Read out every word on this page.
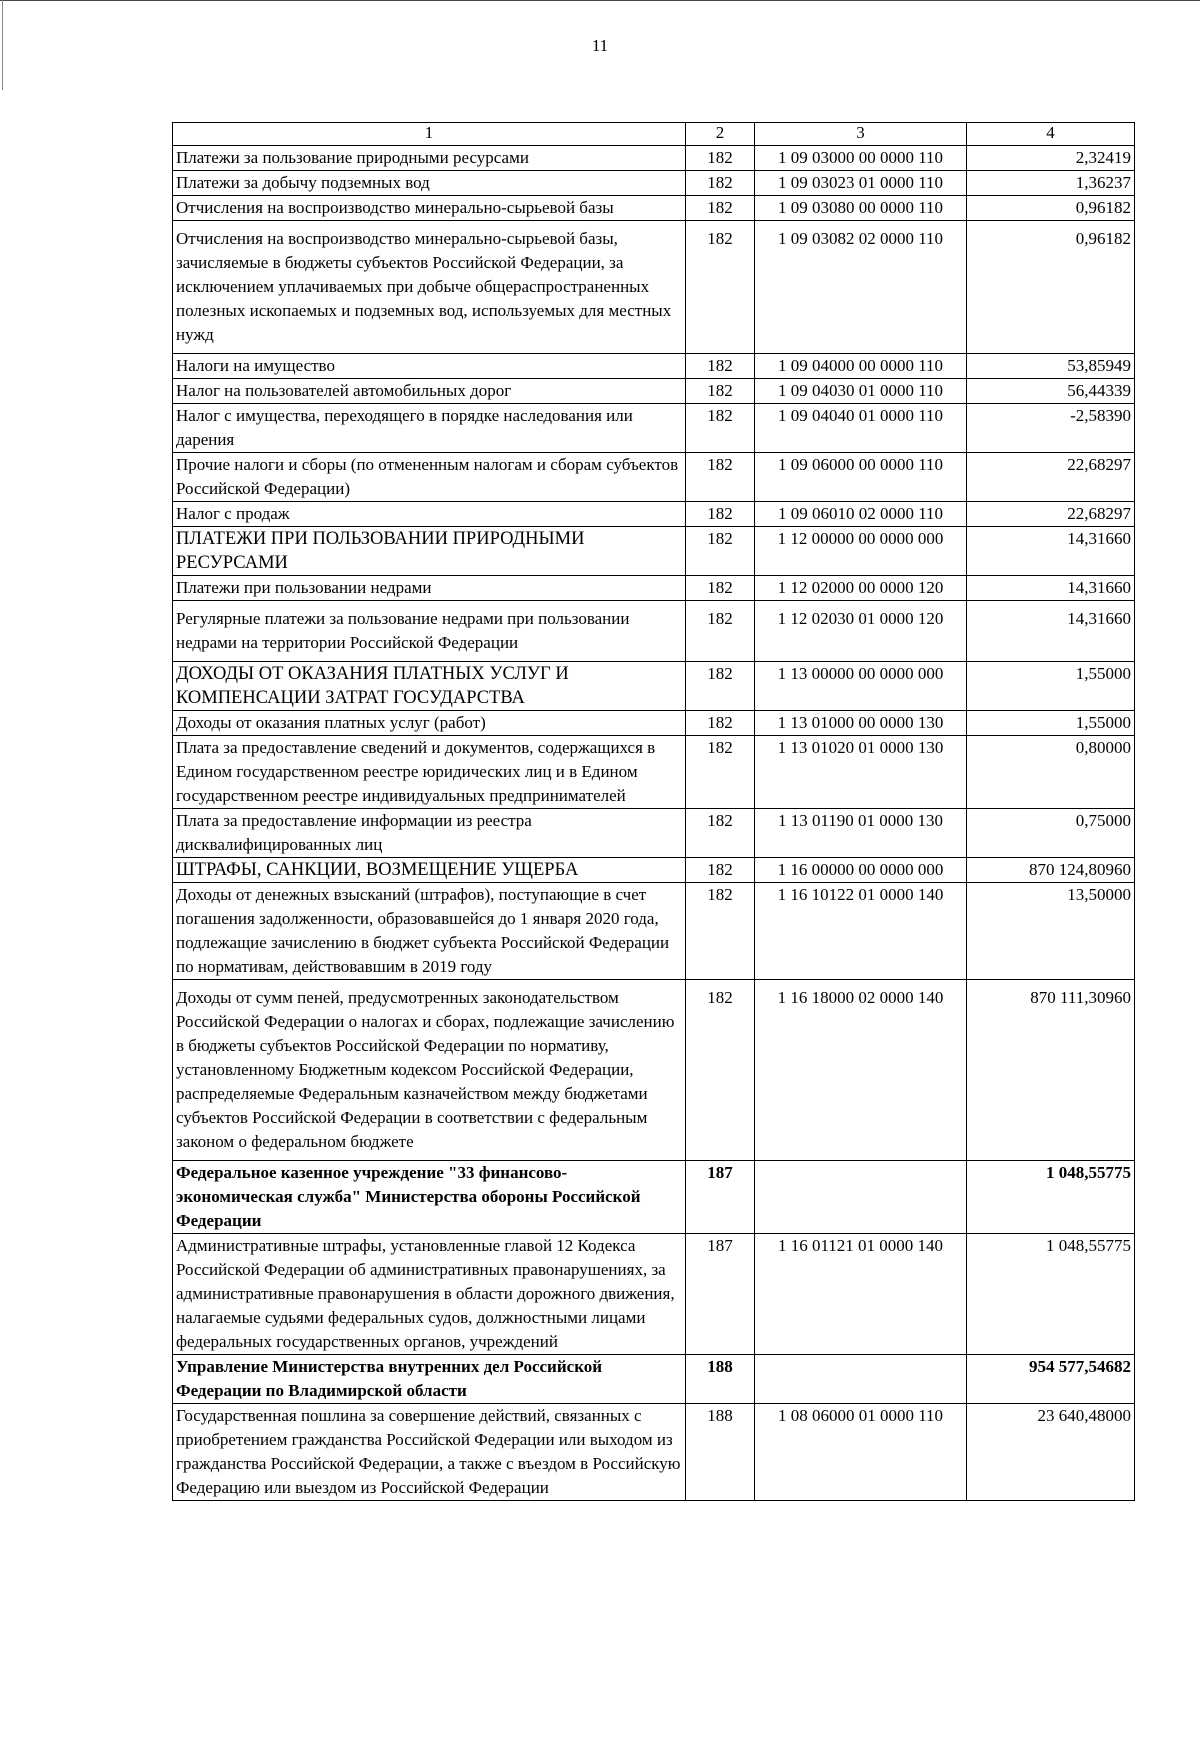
11
1	2	3	4
Платежи за пользование природными ресурсами	182	1 09 03000 00 0000 110	2,32419
Платежи за добычу подземных вод	182	1 09 03023 01 0000 110	1,36237
Отчисления на воспроизводство минерально-сырьевой базы	182	1 09 03080 00 0000 110	0,96182
Отчисления на воспроизводство минерально-сырьевой базы, зачисляемые в бюджеты субъектов Российской Федерации, за исключением уплачиваемых при добыче общераспространенных полезных ископаемых и подземных вод, используемых для местных нужд	182	1 09 03082 02 0000 110	0,96182
Налоги на имущество	182	1 09 04000 00 0000 110	53,85949
Налог на пользователей автомобильных дорог	182	1 09 04030 01 0000 110	56,44339
Налог с имущества, переходящего в порядке наследования или дарения	182	1 09 04040 01 0000 110	-2,58390
Прочие налоги и сборы (по отмененным налогам и сборам субъектов Российской Федерации)	182	1 09 06000 00 0000 110	22,68297
Налог с продаж	182	1 09 06010 02 0000 110	22,68297
ПЛАТЕЖИ ПРИ ПОЛЬЗОВАНИИ ПРИРОДНЫМИ РЕСУРСАМИ	182	1 12 00000 00 0000 000	14,31660
Платежи при пользовании недрами	182	1 12 02000 00 0000 120	14,31660
Регулярные платежи за пользование недрами при пользовании недрами на территории Российской Федерации	182	1 12 02030 01 0000 120	14,31660
ДОХОДЫ ОТ ОКАЗАНИЯ ПЛАТНЫХ УСЛУГ И КОМПЕНСАЦИИ ЗАТРАТ ГОСУДАРСТВА	182	1 13 00000 00 0000 000	1,55000
Доходы от оказания платных услуг (работ)	182	1 13 01000 00 0000 130	1,55000
Плата за предоставление сведений и документов, содержащихся в Едином государственном реестре юридических лиц и в Едином государственном реестре индивидуальных предпринимателей	182	1 13 01020 01 0000 130	0,80000
Плата за предоставление информации из реестра дисквалифицированных лиц	182	1 13 01190 01 0000 130	0,75000
ШТРАФЫ, САНКЦИИ, ВОЗМЕЩЕНИЕ УЩЕРБА	182	1 16 00000 00 0000 000	870 124,80960
Доходы от денежных взысканий (штрафов), поступающие в счет погашения задолженности, образовавшейся до 1 января 2020 года, подлежащие зачислению в бюджет субъекта Российской Федерации по нормативам, действовавшим в 2019 году	182	1 16 10122 01 0000 140	13,50000
Доходы от сумм пеней, предусмотренных законодательством Российской Федерации о налогах и сборах, подлежащие зачислению в бюджеты субъектов Российской Федерации по нормативу, установленному Бюджетным кодексом Российской Федерации, распределяемые Федеральным казначейством между бюджетами субъектов Российской Федерации в соответствии с федеральным законом о федеральном бюджете	182	1 16 18000 02 0000 140	870 111,30960
Федеральное казенное учреждение "33 финансово-экономическая служба" Министерства обороны Российской Федерации	187		1 048,55775
Административные штрафы, установленные главой 12 Кодекса Российской Федерации об административных правонарушениях, за административные правонарушения в области дорожного движения, налагаемые судьями федеральных судов, должностными лицами федеральных государственных органов, учреждений	187	1 16 01121 01 0000 140	1 048,55775
Управление Министерства внутренних дел Российской Федерации по Владимирской области	188		954 577,54682
Государственная пошлина за совершение действий, связанных с приобретением гражданства Российской Федерации или выходом из гражданства Российской Федерации, а также с въездом в Российскую Федерацию или выездом из Российской Федерации	188	1 08 06000 01 0000 110	23 640,48000
